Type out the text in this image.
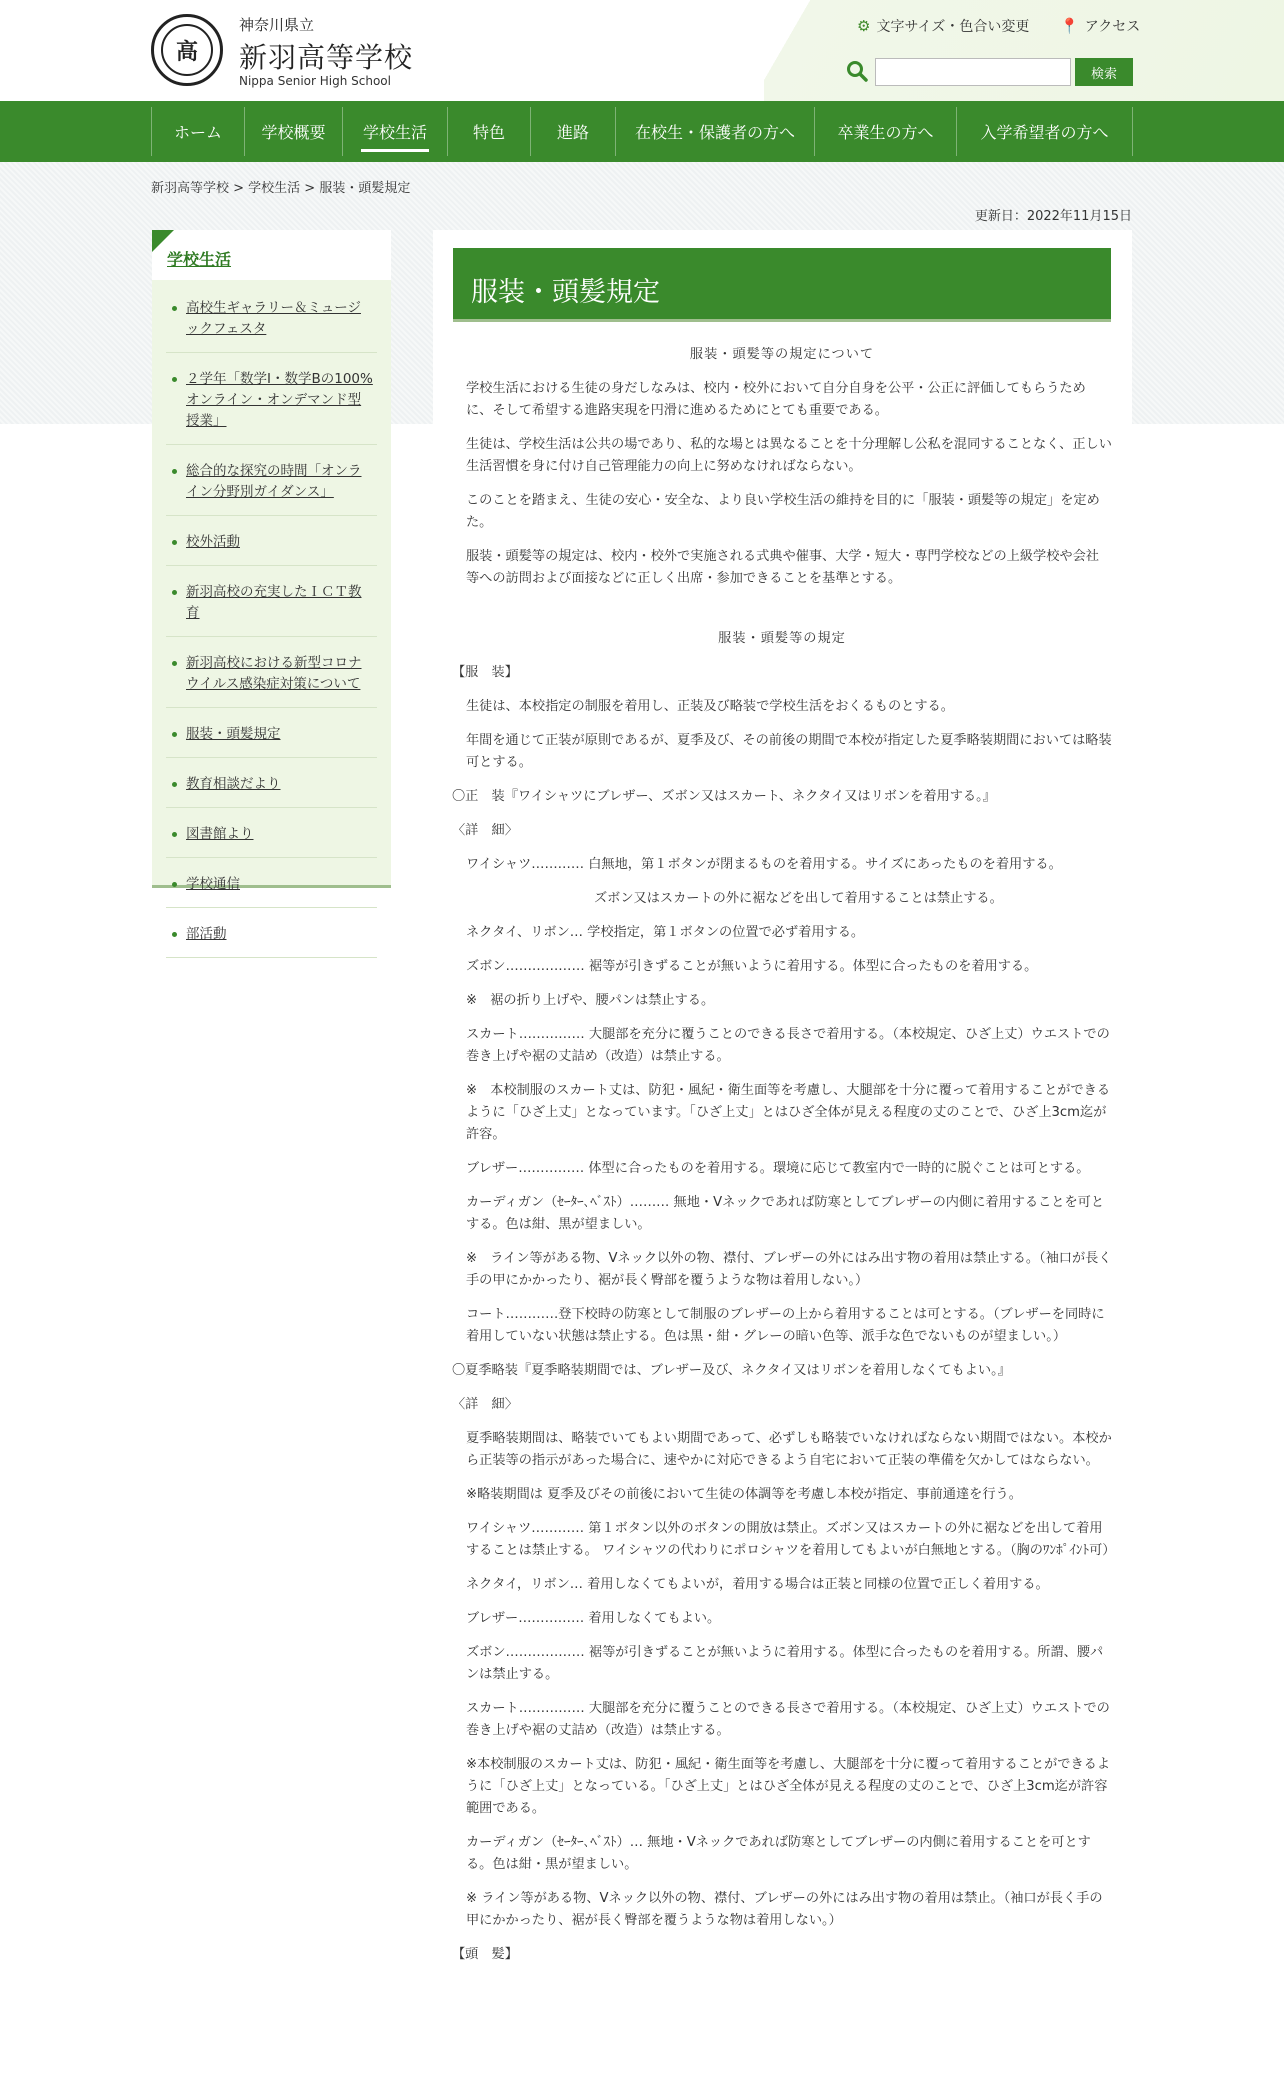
高
神奈川県立
新羽高等学校
Nippa Senior High School
⚙ 文字サイズ・色合い変更 📍 アクセス
検索
ホーム	学校概要	学校生活	特色	進路	在校生・保護者の方へ	卒業生の方へ	入学希望者の方へ
新羽高等学校 > 学校生活 > 服装・頭髪規定
更新日：2022年11月15日
学校生活
高校生ギャラリー＆ミュージックフェスタ
２学年「数学Ⅰ・数学Bの100%オンライン・オンデマンド型授業」
総合的な探究の時間「オンライン分野別ガイダンス」
校外活動
新羽高校の充実したＩＣＴ教育
新羽高校における新型コロナウイルス感染症対策について
服装・頭髪規定
教育相談だより
図書館より
学校通信
部活動
服装・頭髪規定

服装・頭髪等の規定について

学校生活における生徒の身だしなみは、校内・校外において自分自身を公平・公正に評価してもらうために、そして希望する進路実現を円滑に進めるためにとても重要である。

生徒は、学校生活は公共の場であり、私的な場とは異なることを十分理解し公私を混同することなく、正しい生活習慣を身に付け自己管理能力の向上に努めなければならない。

このことを踏まえ、生徒の安心・安全な、より良い学校生活の維持を目的に「服装・頭髪等の規定」を定めた。

服装・頭髪等の規定は、校内・校外で実施される式典や催事、大学・短大・専門学校などの上級学校や会社等への訪問および面接などに正しく出席・参加できることを基準とする。

服装・頭髪等の規定

【服　装】

生徒は、本校指定の制服を着用し、正装及び略装で学校生活をおくるものとする。

年間を通じて正装が原則であるが、夏季及び、その前後の期間で本校が指定した夏季略装期間においては略装可とする。

〇正　装『ワイシャツにブレザー、ズボン又はスカート、ネクタイ又はリボンを着用する。』

〈詳　細〉

ワイシャツ………… 白無地，第１ボタンが閉まるものを着用する。サイズにあったものを着用する。

ズボン又はスカートの外に裾などを出して着用することは禁止する。

ネクタイ、リボン… 学校指定，第１ボタンの位置で必ず着用する。

ズボン……………… 裾等が引きずることが無いように着用する。体型に合ったものを着用する。

※　裾の折り上げや、腰パンは禁止する。

スカート…………… 大腿部を充分に覆うことのできる長さで着用する。（本校規定、ひざ上丈）ウエストでの巻き上げや裾の丈詰め（改造）は禁止する。

※　本校制服のスカート丈は、防犯・風紀・衛生面等を考慮し、大腿部を十分に覆って着用することができるように「ひざ上丈」となっています。「ひざ上丈」とはひざ全体が見える程度の丈のことで、ひざ上3cm迄が許容。

ブレザー…………… 体型に合ったものを着用する。環境に応じて教室内で一時的に脱ぐことは可とする。

カーディガン（ｾｰﾀｰ､ﾍﾞｽﾄ）……… 無地・Vネックであれば防寒としてブレザーの内側に着用することを可とする。色は紺、黒が望ましい。

※　ライン等がある物、Vネック以外の物、襟付、ブレザーの外にはみ出す物の着用は禁止する。（袖口が長く手の甲にかかったり、裾が長く臀部を覆うような物は着用しない。）

コート…………登下校時の防寒として制服のブレザーの上から着用することは可とする。（ブレザーを同時に着用していない状態は禁止する。色は黒・紺・グレーの暗い色等、派手な色でないものが望ましい。）

〇夏季略装『夏季略装期間では、ブレザー及び、ネクタイ又はリボンを着用しなくてもよい。』

〈詳　細〉

夏季略装期間は、略装でいてもよい期間であって、必ずしも略装でいなければならない期間ではない。本校から正装等の指示があった場合に、速やかに対応できるよう自宅において正装の準備を欠かしてはならない。

※略装期間は 夏季及びその前後において生徒の体調等を考慮し本校が指定、事前通達を行う。

ワイシャツ………… 第１ボタン以外のボタンの開放は禁止。ズボン又はスカートの外に裾などを出して着用することは禁止する。 ワイシャツの代わりにポロシャツを着用してもよいが白無地とする。（胸のﾜﾝﾎﾟｲﾝﾄ可）

ネクタイ，リボン… 着用しなくてもよいが，着用する場合は正装と同様の位置で正しく着用する。

ブレザー…………… 着用しなくてもよい。

ズボン……………… 裾等が引きずることが無いように着用する。体型に合ったものを着用する。所謂、腰パンは禁止する。

スカート…………… 大腿部を充分に覆うことのできる長さで着用する。（本校規定、ひざ上丈）ウエストでの巻き上げや裾の丈詰め（改造）は禁止する。

※本校制服のスカート丈は、防犯・風紀・衛生面等を考慮し、大腿部を十分に覆って着用することができるように「ひざ上丈」となっている。「ひざ上丈」とはひざ全体が見える程度の丈のことで、ひざ上3cm迄が許容範囲である。

カーディガン（ｾｰﾀｰ､ﾍﾞｽﾄ）… 無地・Vネックであれば防寒としてブレザーの内側に着用することを可とする。色は紺・黒が望ましい。

※ ライン等がある物、Vネック以外の物、襟付、ブレザーの外にはみ出す物の着用は禁止。（袖口が長く手の甲にかかったり、裾が長く臀部を覆うような物は着用しない。）

【頭　髪】
